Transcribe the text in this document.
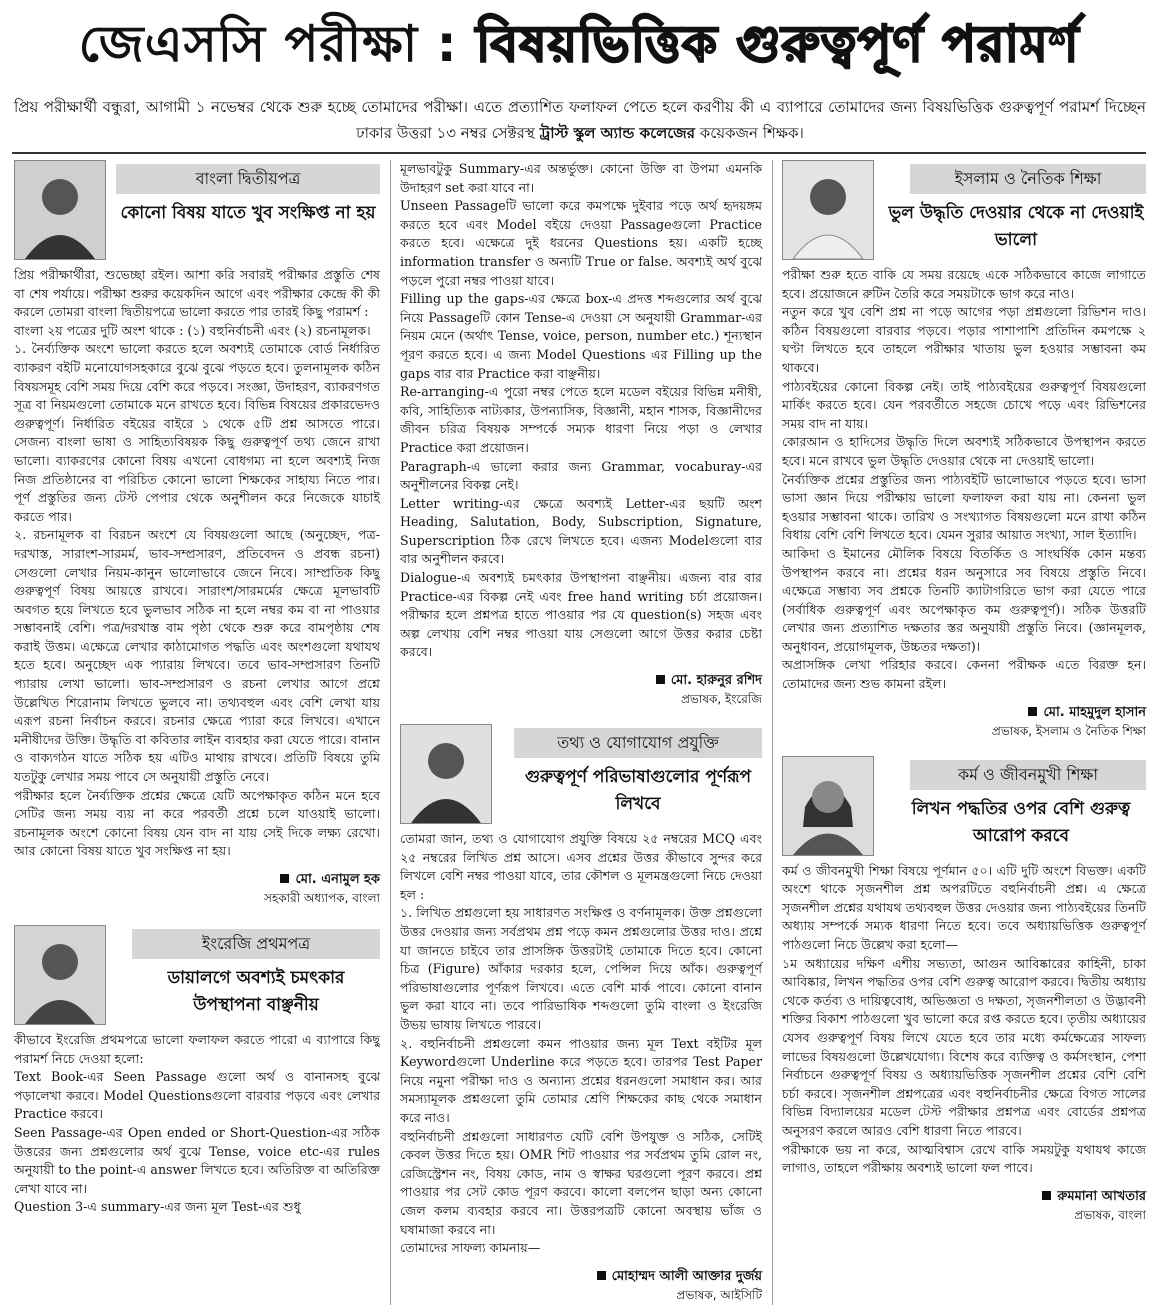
জেএসসি পরীক্ষা : বিষয়ভিত্তিক গুরুত্বপূর্ণ পরামর্শ
প্রিয় পরীক্ষার্থী বন্ধুরা, আগামী ১ নভেম্বর থেকে শুরু হচ্ছে তোমাদের পরীক্ষা। এতে প্রত্যাশিত ফলাফল পেতে হলে করণীয় কী এ ব্যাপারে তোমাদের জন্য বিষয়ভিত্তিক গুরুত্বপূর্ণ পরামর্শ দিচ্ছেন ঢাকার উত্তরা ১৩ নম্বর সেক্টরস্থ ট্রাস্ট স্কুল অ্যান্ড কলেজের কয়েকজন শিক্ষক।
বাংলা দ্বিতীয়পত্র
কোনো বিষয় যাতে খুব সংক্ষিপ্ত না হয়

প্রিয় পরীক্ষার্থীরা, শুভেচ্ছা রইল। আশা করি সবারই পরীক্ষার প্রস্তুতি শেষ বা শেষ পর্যায়ে। পরীক্ষা শুরুর কয়েকদিন আগে এবং পরীক্ষার কেন্দ্রে কী কী করলে তোমরা বাংলা দ্বিতীয়পত্রে ভালো করতে পার তারই কিছু পরামর্শ :

বাংলা ২য় পত্রের দুটি অংশ থাকে : (১) বহুনির্বাচনী এবং (২) রচনামূলক।

১. নৈর্ব্যক্তিক অংশে ভালো করতে হলে অবশ্যই তোমাকে বোর্ড নির্ধারিত ব্যাকরণ বইটি মনোযোগসহকারে বুঝে বুঝে পড়তে হবে। তুলনামূলক কঠিন বিষয়সমূহ বেশি সময় দিয়ে বেশি করে পড়বে। সংজ্ঞা, উদাহরণ, ব্যাকরণগত সূত্র বা নিয়মগুলো তোমাকে মনে রাখতে হবে। বিভিন্ন বিষয়ের প্রকারভেদও গুরুত্বপূর্ণ। নির্ধারিত বইয়ের বাইরে ১ থেকে ৫টি প্রশ্ন আসতে পারে। সেজন্য বাংলা ভাষা ও সাহিত্যবিষয়ক কিছু গুরুত্বপূর্ণ তথ্য জেনে রাখা ভালো। ব্যাকরণের কোনো বিষয় এখনো বোধগম্য না হলে অবশ্যই নিজ নিজ প্রতিষ্ঠানের বা পরিচিত কোনো ভালো শিক্ষকের সাহায্য নিতে পার। পূর্ণ প্রস্তুতির জন্য টেস্ট পেপার থেকে অনুশীলন করে নিজেকে যাচাই করতে পার।

২. রচনামূলক বা বিরচন অংশে যে বিষয়গুলো আছে (অনুচ্ছেদ, পত্র-দরখাস্ত, সারাংশ-সারমর্ম, ভাব-সম্প্রসারণ, প্রতিবেদন ও প্রবন্ধ রচনা) সেগুলো লেখার নিয়ম-কানুন ভালোভাবে জেনে নিবে। সাম্প্রতিক কিছু গুরুত্বপূর্ণ বিষয় আয়ত্তে রাখবে। সারাংশ/সারমর্মের ক্ষেত্রে মূলভাবটি অবগত হয়ে লিখতে হবে ভুলভাব সঠিক না হলে নম্বর কম বা না পাওয়ার সম্ভাবনাই বেশি। পত্র/দরখাস্ত বাম পৃষ্ঠা থেকে শুরু করে বামপৃষ্ঠায় শেষ করাই উত্তম। এক্ষেত্রে লেখার কাঠামোগত পদ্ধতি এবং অংশগুলো যথাযথ হতে হবে। অনুচ্ছেদ এক প্যারায় লিখবে। তবে ভাব-সম্প্রসারণ তিনটি প্যারায় লেখা ভালো। ভাব-সম্প্রসারণ ও রচনা লেখার আগে প্রশ্নে উল্লেখিত শিরোনাম লিখতে ভুলবে না। তথ্যবহুল এবং বেশি লেখা যায় এরূপ রচনা নির্বাচন করবে। রচনার ক্ষেত্রে প্যারা করে লিখবে। এখানে মনীষীদের উক্তি। উদ্ধৃতি বা কবিতার লাইন ব্যবহার করা যেতে পারে। বানান ও বাক্যগঠন যাতে সঠিক হয় এটিও মাথায় রাখবে। প্রতিটি বিষয়ে তুমি যতটুকু লেখার সময় পাবে সে অনুযায়ী প্রস্তুতি নেবে।

পরীক্ষার হলে নৈর্ব্যক্তিক প্রশ্নের ক্ষেত্রে যেটি অপেক্ষাকৃত কঠিন মনে হবে সেটির জন্য সময় ব্যয় না করে পরবর্তী প্রশ্নে চলে যাওয়াই ভালো। রচনামূলক অংশে কোনো বিষয় যেন বাদ না যায় সেই দিকে লক্ষ্য রেখো। আর কোনো বিষয় যাতে খুব সংক্ষিপ্ত না হয়।

মো. এনামুল হক
সহকারী অধ্যাপক, বাংলা
ইংরেজি প্রথমপত্র
ডায়ালগে অবশ্যই চমৎকার উপস্থাপনা বাঞ্ছনীয়

কীভাবে ইংরেজি প্রথমপত্রে ভালো ফলাফল করতে পারো এ ব্যাপারে কিছু পরামর্শ নিচে দেওয়া হলো:

Text Book-এর Seen Passage গুলো অর্থ ও বানানসহ বুঝে পড়ালেখা করবে। Model Questionsগুলো বারবার পড়বে এবং লেখার Practice করবে।

Seen Passage-এর Open ended or Short-Question-এর সঠিক উত্তরের জন্য প্রশ্নগুলোর অর্থ বুঝে Tense, voice etc-এর rules অনুযায়ী to the point-এ answer লিখতে হবে। অতিরিক্ত বা অতিরিক্ত লেখা যাবে না।

Question 3-এ summary-এর জন্য মূল Test-এর শুধু

মূলভাবটুকু Summary-এর অন্তর্ভুক্ত। কোনো উক্তি বা উপমা এমনকি উদাহরণ set করা যাবে না।

Unseen Passageটি ভালো করে কমপক্ষে দুইবার পড়ে অর্থ হৃদয়ঙ্গম করতে হবে এবং Model বইয়ে দেওয়া Passageগুলো Practice করতে হবে। এক্ষেত্রে দুই ধরনের Questions হয়। একটি হচ্ছে information transfer ও অন্যটি True or false. অবশ্যই অর্থ বুঝে পড়লে পুরো নম্বর পাওয়া যাবে।

Filling up the gaps-এর ক্ষেত্রে box-এ প্রদত্ত শব্দগুলোর অর্থ বুঝে নিয়ে Passageটি কোন Tense-এ দেওয়া সে অনুযায়ী Grammar-এর নিয়ম মেনে (অর্থাৎ Tense, voice, person, number etc.) শূন্যস্থান পূরণ করতে হবে। এ জন্য Model Questions এর Filling up the gaps বার বার Practice করা বাঞ্ছনীয়।

Re-arranging-এ পুরো নম্বর পেতে হলে মডেল বইয়ের বিভিন্ন মনীষী, কবি, সাহিত্যিক নাট্যকার, উপন্যাসিক, বিজ্ঞানী, মহান শাসক, বিজ্ঞানীদের জীবন চরিত্র বিষয়ক সম্পর্কে সম্যক ধারণা নিয়ে পড়া ও লেখার Practice করা প্রয়োজন।

Paragraph-এ ভালো করার জন্য Grammar, vocaburay-এর অনুশীলনের বিকল্প নেই।

Letter writing-এর ক্ষেত্রে অবশ্যই Letter-এর ছয়টি অংশ Heading, Salutation, Body, Subscription, Signature, Superscription ঠিক রেখে লিখতে হবে। এজন্য Modelগুলো বার বার অনুশীলন করবে।

Dialogue-এ অবশ্যই চমৎকার উপস্থাপনা বাঞ্ছনীয়। এজন্য বার বার Practice-এর বিকল্প নেই এবং free hand writing চর্চা প্রয়োজন। পরীক্ষার হলে প্রশ্নপত্র হাতে পাওয়ার পর যে question(s) সহজ এবং অল্প লেখায় বেশি নম্বর পাওয়া যায় সেগুলো আগে উত্তর করার চেষ্টা করবে।

মো. হারুনুর রশিদ
প্রভাষক, ইংরেজি
তথ্য ও যোগাযোগ প্রযুক্তি
গুরুত্বপূর্ণ পরিভাষাগুলোর পূর্ণরূপ লিখবে

তোমরা জান, তথ্য ও যোগাযোগ প্রযুক্তি বিষয়ে ২৫ নম্বরের MCQ এবং ২৫ নম্বরের লিখিত প্রশ্ন আসে। এসব প্রশ্নের উত্তর কীভাবে সুন্দর করে লিখলে বেশি নম্বর পাওয়া যাবে, তার কৌশল ও মূলমন্ত্রগুলো নিচে দেওয়া হল :

১. লিখিত প্রশ্নগুলো হয় সাধারণত সংক্ষিপ্ত ও বর্ণনামূলক। উক্ত প্রশ্নগুলো উত্তর দেওয়ার জন্য সর্বপ্রথম প্রশ্ন পড়ে কমন প্রশ্নগুলোর উত্তর দাও। প্রশ্নে যা জানতে চাইবে তার প্রাসঙ্গিক উত্তরটাই তোমাকে দিতে হবে। কোনো চিত্র (Figure) আঁকার দরকার হলে, পেন্সিল দিয়ে আঁক। গুরুত্বপূর্ণ পরিভাষাগুলোর পূর্ণরূপ লিখবে। এতে বেশি মার্ক পাবে। কোনো বানান ভুল করা যাবে না। তবে পারিভাষিক শব্দগুলো তুমি বাংলা ও ইংরেজি উভয় ভাষায় লিখতে পারবে।

২. বহুনির্বাচনী প্রশ্নগুলো কমন পাওয়ার জন্য মূল Text বইটির মূল Keywordগুলো Underline করে পড়তে হবে। তারপর Test Paper নিয়ে নমুনা পরীক্ষা দাও ও অন্যান্য প্রশ্নের ধরনগুলো সমাধান কর। আর সমস্যামূলক প্রশ্নগুলো তুমি তোমার শ্রেণি শিক্ষকের কাছ থেকে সমাধান করে নাও।

বহুনির্বাচনী প্রশ্নগুলো সাধারণত যেটি বেশি উপযুক্ত ও সঠিক, সেটিই কেবল উত্তর দিতে হয়। OMR শিট পাওয়ার পর সর্বপ্রথম তুমি রোল নং, রেজিস্ট্রেশন নং, বিষয় কোড, নাম ও স্বাক্ষর ঘরগুলো পূরণ করবে। প্রশ্ন পাওয়ার পর সেট কোড পূরণ করবে। কালো বলপেন ছাড়া অন্য কোনো জেল কলম ব্যবহার করবে না। উত্তরপত্রটি কোনো অবস্থায় ভাঁজ ও ঘষামাজা করবে না।

তোমাদের সাফল্য কামনায়—

মোহাম্মদ আলী আক্তার দুর্জয়
প্রভাষক, আইসিটি
ইসলাম ও নৈতিক শিক্ষা
ভুল উদ্ধৃতি দেওয়ার থেকে না দেওয়াই ভালো

পরীক্ষা শুরু হতে বাকি যে সময় রয়েছে একে সঠিকভাবে কাজে লাগাতে হবে। প্রয়োজনে রুটিন তৈরি করে সময়টাকে ভাগ করে নাও।

নতুন করে খুব বেশি প্রশ্ন না পড়ে আগের পড়া প্রশ্নগুলো রিভিশন দাও। কঠিন বিষয়গুলো বারবার পড়বে। পড়ার পাশাপাশি প্রতিদিন কমপক্ষে ২ ঘণ্টা লিখতে হবে তাহলে পরীক্ষার খাতায় ভুল হওয়ার সম্ভাবনা কম থাকবে।

পাঠ্যবইয়ের কোনো বিকল্প নেই। তাই পাঠ্যবইয়ের গুরুত্বপূর্ণ বিষয়গুলো মার্কিং করতে হবে। যেন পরবর্তীতে সহজে চোখে পড়ে এবং রিভিশনের সময় বাদ না যায়।

কোরআন ও হাদিসের উদ্ধৃতি দিলে অবশ্যই সঠিকভাবে উপস্থাপন করতে হবে। মনে রাখবে ভুল উদ্ধৃতি দেওয়ার থেকে না দেওয়াই ভালো।

নৈর্ব্যক্তিক প্রশ্নের প্রস্তুতির জন্য পাঠ্যবইটি ভালোভাবে পড়তে হবে। ভাসা ভাসা জ্ঞান দিয়ে পরীক্ষায় ভালো ফলাফল করা যায় না। কেননা ভুল হওয়ার সম্ভাবনা থাকে। তারিখ ও সংখ্যাগত বিষয়গুলো মনে রাখা কঠিন বিধায় বেশি বেশি লিখতে হবে। যেমন সুরার আয়াত সংখ্যা, সাল ইত্যাদি।

আকিদা ও ইমানের মৌলিক বিষয়ে বিতর্কিত ও সাংঘর্ষিক কোন মন্তব্য উপস্থাপন করবে না। প্রশ্নের ধরন অনুসারে সব বিষয়ে প্রস্তুতি নিবে। এক্ষেত্রে সম্ভাব্য সব প্রশ্নকে তিনটি ক্যাটাগরিতে ভাগ করা যেতে পারে (সর্বাধিক গুরুত্বপূর্ণ এবং অপেক্ষাকৃত কম গুরুত্বপূর্ণ)। সঠিক উত্তরটি লেখার জন্য প্রত্যাশিত দক্ষতার স্তর অনুযায়ী প্রস্তুতি নিবে। (জ্ঞানমূলক, অনুধাবন, প্রয়োগমূলক, উচ্চতর দক্ষতা)।

অপ্রাসঙ্গিক লেখা পরিহার করবে। কেননা পরীক্ষক এতে বিরক্ত হন। তোমাদের জন্য শুভ কামনা রইল।

মো. মাহমুদুল হাসান
প্রভাষক, ইসলাম ও নৈতিক শিক্ষা
কর্ম ও জীবনমুখী শিক্ষা
লিখন পদ্ধতির ওপর বেশি গুরুত্ব আরোপ করবে

কর্ম ও জীবনমুখী শিক্ষা বিষয়ে পূর্ণমান ৫০। এটি দুটি অংশে বিভক্ত। একটি অংশে থাকে সৃজনশীল প্রশ্ন অপরটিতে বহুনির্বাচনী প্রশ্ন। এ ক্ষেত্রে সৃজনশীল প্রশ্নের যথাযথ তথ্যবহুল উত্তর দেওয়ার জন্য পাঠ্যবইয়ের তিনটি অধ্যায় সম্পর্কে সম্যক ধারণা নিতে হবে। তবে অধ্যায়ভিত্তিক গুরুত্বপূর্ণ পাঠগুলো নিচে উল্লেখ করা হলো—

১ম অধ্যায়ের দক্ষিণ এশীয় সভ্যতা, আগুন আবিষ্কারের কাহিনী, চাকা আবিষ্কার, লিখন পদ্ধতির ওপর বেশি গুরুত্ব আরোপ করবে। দ্বিতীয় অধ্যায় থেকে কর্তব্য ও দায়িত্ববোধ, অভিজ্ঞতা ও দক্ষতা, সৃজনশীলতা ও উদ্ভাবনী শক্তির বিকাশ পাঠগুলো খুব ভালো করে রপ্ত করতে হবে। তৃতীয় অধ্যায়ের যেসব গুরুত্বপূর্ণ বিষয় লিখে যেতে হবে তার মধ্যে কর্মক্ষেত্রের সাফল্য লাভের বিষয়গুলো উল্লেখযোগ্য। বিশেষ করে ব্যক্তিত্ব ও কর্মসংস্থান, পেশা নির্বাচনে গুরুত্বপূর্ণ বিষয় ও অধ্যায়ভিত্তিক সৃজনশীল প্রশ্নের বেশি বেশি চর্চা করবে। সৃজনশীল প্রশ্নপত্রের এবং বহুনির্বাচনীর ক্ষেত্রে বিগত সালের বিভিন্ন বিদ্যালয়ের মডেল টেস্ট পরীক্ষার প্রশ্নপত্র এবং বোর্ডের প্রশ্নপত্র অনুসরণ করলে আরও বেশি ধারণা নিতে পারবে।

পরীক্ষাকে ভয় না করে, আত্মবিশ্বাস রেখে বাকি সময়টুকু যথাযথ কাজে লাগাও, তাহলে পরীক্ষায় অবশ্যই ভালো ফল পাবে।

রুমমানা আখতার
প্রভাষক, বাংলা
